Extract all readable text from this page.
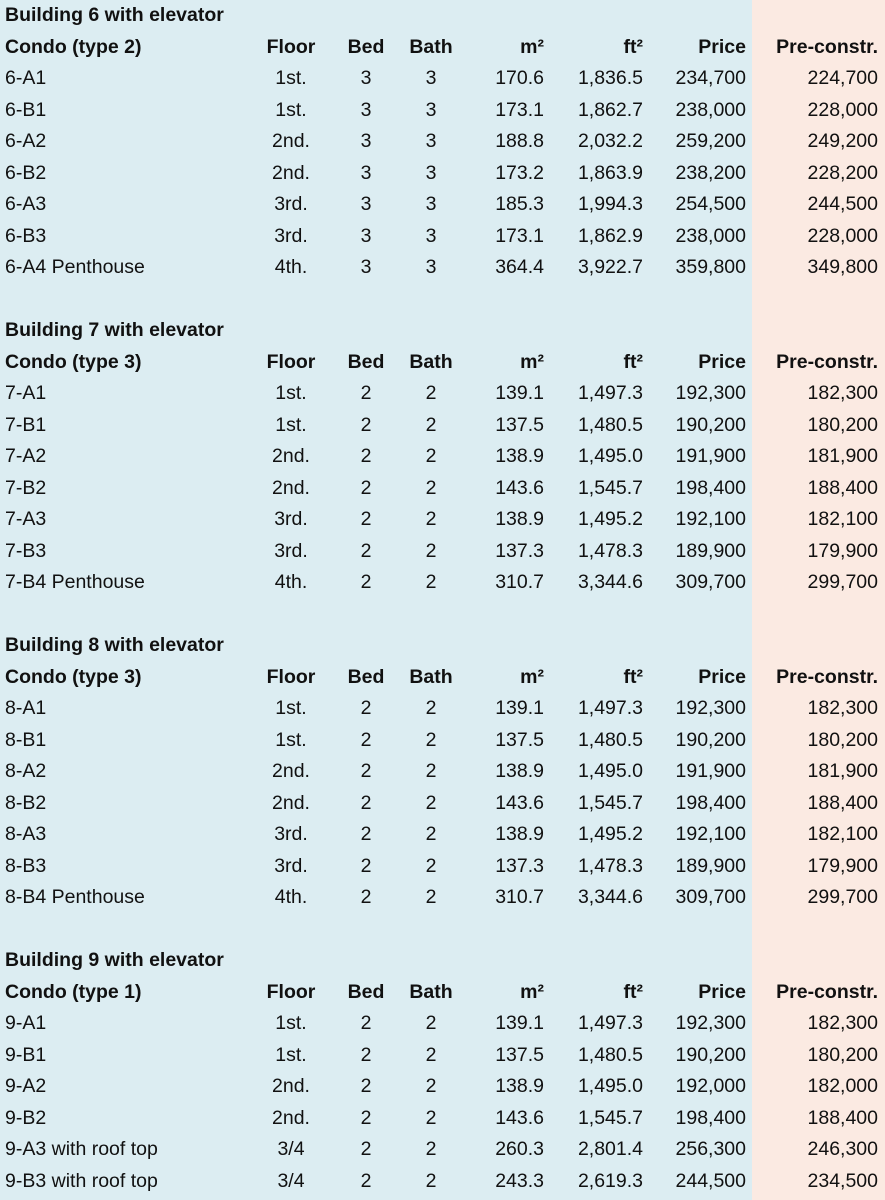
Building 6 with elevator
Condo (type 2)	Floor	Bed	Bath	m²	ft²	Price Pre-constr.
6-A1	1st.	3	3	170.6 1,836.5 234,700	224,700
6-B1	1st.	3	3	173.1 1,862.7 238,000	228,000
6-A2	2nd.	3	3	188.8 2,032.2 259,200	249,200
6-B2	2nd.	3	3	173.2 1,863.9 238,200	228,200
6-A3	3rd.	3	3	185.3 1,994.3 254,500	244,500
6-B3	3rd.	3	3	173.1 1,862.9 238,000	228,000
6-A4 Penthouse	4th.	3	3	364.4 3,922.7 359,800	349,800
Building 7 with elevator
Condo (type 3)	Floor	Bed	Bath	m²	ft²	Price Pre-constr.
7-A1	1st.	2	2	139.1 1,497.3 192,300	182,300
7-B1	1st.	2	2	137.5 1,480.5 190,200	180,200
7-A2	2nd.	2	2	138.9 1,495.0 191,900	181,900
7-B2	2nd.	2	2	143.6 1,545.7 198,400	188,400
7-A3	3rd.	2	2	138.9 1,495.2 192,100	182,100
7-B3	3rd.	2	2	137.3 1,478.3 189,900	179,900
7-B4 Penthouse	4th.	2	2	310.7 3,344.6 309,700	299,700
Building 8 with elevator
Condo (type 3)	Floor	Bed	Bath	m²	ft²	Price Pre-constr.
8-A1	1st.	2	2	139.1 1,497.3 192,300	182,300
8-B1	1st.	2	2	137.5 1,480.5 190,200	180,200
8-A2	2nd.	2	2	138.9 1,495.0 191,900	181,900
8-B2	2nd.	2	2	143.6 1,545.7 198,400	188,400
8-A3	3rd.	2	2	138.9 1,495.2 192,100	182,100
8-B3	3rd.	2	2	137.3 1,478.3 189,900	179,900
8-B4 Penthouse	4th.	2	2	310.7 3,344.6 309,700	299,700
Building 9 with elevator
Condo (type 1)	Floor	Bed	Bath	m²	ft²	Price Pre-constr.
9-A1	1st.	2	2	139.1 1,497.3 192,300	182,300
9-B1	1st.	2	2	137.5 1,480.5 190,200	180,200
9-A2	2nd.	2	2	138.9 1,495.0 192,000	182,000
9-B2	2nd.	2	2	143.6 1,545.7 198,400	188,400
9-A3 with roof top	3/4	2	2	260.3 2,801.4 256,300	246,300
9-B3 with roof top	3/4	2	2	243.3 2,619.3 244,500	234,500
